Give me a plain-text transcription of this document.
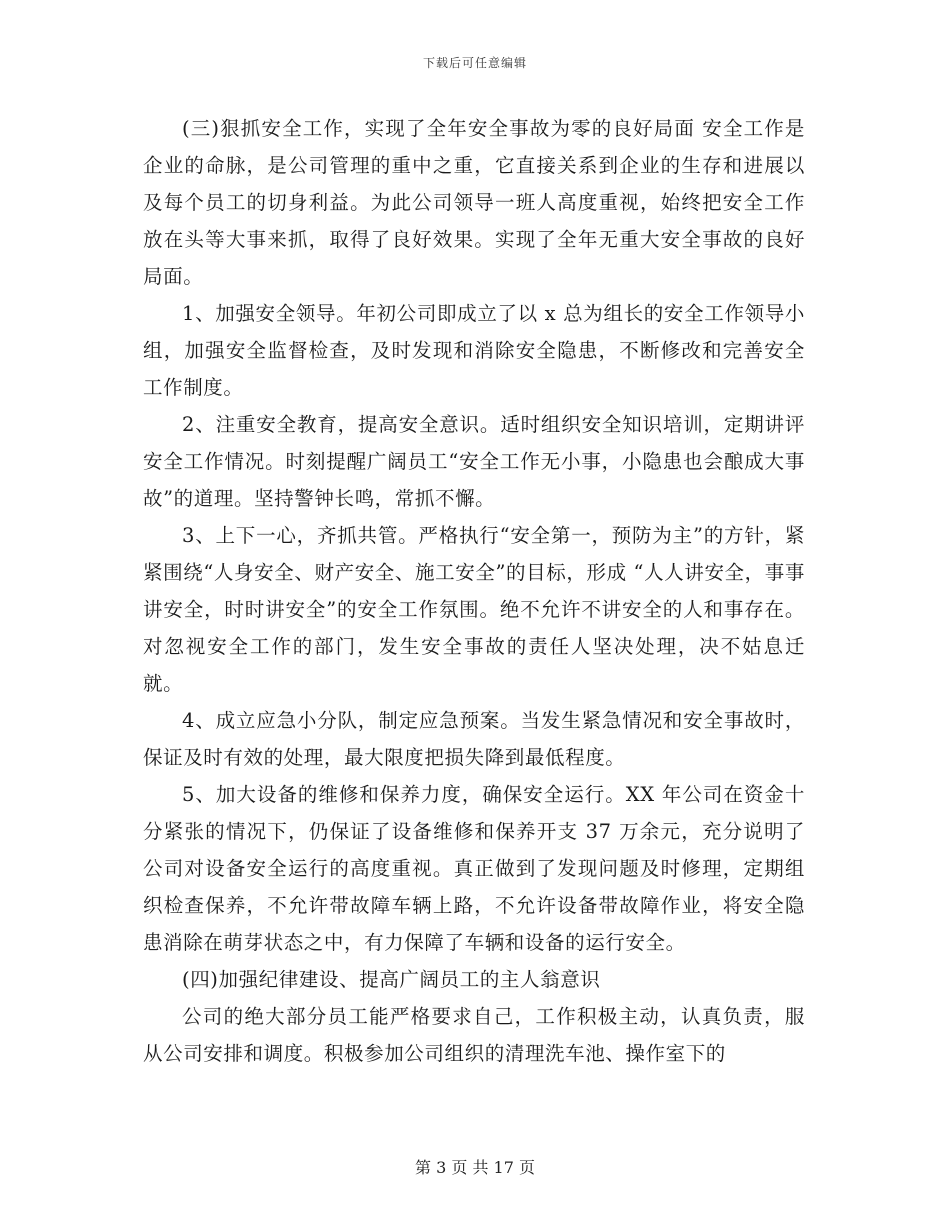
下载后可任意编辑

(三)狠抓安全工作，实现了全年安全事故为零的良好局面 安全工作是企业的命脉，是公司管理的重中之重，它直接关系到企业的生存和进展以及每个员工的切身利益。为此公司领导一班人高度重视，始终把安全工作放在头等大事来抓，取得了良好效果。实现了全年无重大安全事故的良好局面。

1、加强安全领导。年初公司即成立了以 x 总为组长的安全工作领导小组，加强安全监督检查，及时发现和消除安全隐患，不断修改和完善安全工作制度。

2、注重安全教育，提高安全意识。适时组织安全知识培训，定期讲评安全工作情况。时刻提醒广阔员工“安全工作无小事，小隐患也会酿成大事故”的道理。坚持警钟长鸣，常抓不懈。

3、上下一心，齐抓共管。严格执行“安全第一，预防为主”的方针，紧紧围绕“人身安全、财产安全、施工安全”的目标，形成 “人人讲安全，事事讲安全，时时讲安全”的安全工作氛围。绝不允许不讲安全的人和事存在。对忽视安全工作的部门，发生安全事故的责任人坚决处理，决不姑息迁就。

4、成立应急小分队，制定应急预案。当发生紧急情况和安全事故时，保证及时有效的处理，最大限度把损失降到最低程度。

5、加大设备的维修和保养力度，确保安全运行。XX 年公司在资金十分紧张的情况下，仍保证了设备维修和保养开支 37 万余元，充分说明了公司对设备安全运行的高度重视。真正做到了发现问题及时修理，定期组织检查保养，不允许带故障车辆上路，不允许设备带故障作业，将安全隐患消除在萌芽状态之中，有力保障了车辆和设备的运行安全。

(四)加强纪律建设、提高广阔员工的主人翁意识

公司的绝大部分员工能严格要求自己，工作积极主动，认真负责，服从公司安排和调度。积极参加公司组织的清理洗车池、操作室下的

第 3 页 共 17 页
